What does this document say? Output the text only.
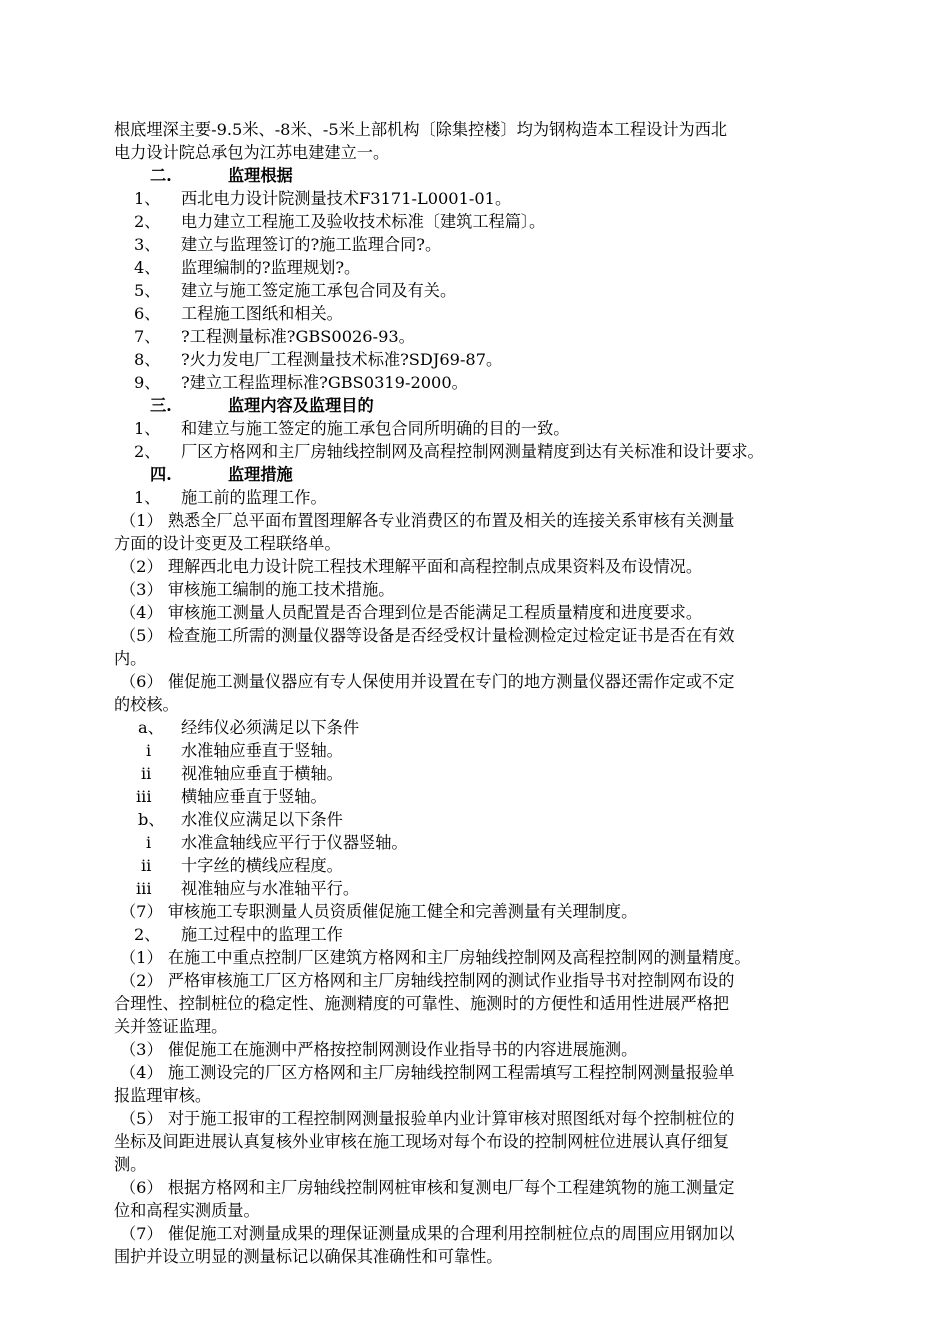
根底埋深主要-9.5米、-8米、-5米上部机构〔除集控楼〕均为钢构造本工程设计为西北
电力设计院总承包为江苏电建建立一。
二.	监理根据
1、 西北电力设计院测量技术F3171-L0001-01。
2、 电力建立工程施工及验收技术标准〔建筑工程篇〕。
3、 建立与监理签订的?施工监理合同?。
4、 监理编制的?监理规划?。
5、 建立与施工签定施工承包合同及有关。
6、 工程施工图纸和相关。
7、 ?工程测量标准?GBS0026-93。
8、 ?火力发电厂工程测量技术标准?SDJ69-87。
9、 ?建立工程监理标准?GBS0319-2000。
三.	监理内容及监理目的
1、 和建立与施工签定的施工承包合同所明确的目的一致。
2、 厂区方格网和主厂房轴线控制网及高程控制网测量精度到达有关标准和设计要求。
四.	监理措施
1、 施工前的监理工作。
（1） 熟悉全厂总平面布置图理解各专业消费区的布置及相关的连接关系审核有关测量
方面的设计变更及工程联络单。
（2） 理解西北电力设计院工程技术理解平面和高程控制点成果资料及布设情况。
（3） 审核施工编制的施工技术措施。
（4） 审核施工测量人员配置是否合理到位是否能满足工程质量精度和进度要求。
（5） 检查施工所需的测量仪器等设备是否经受权计量检测检定过检定证书是否在有效
内。
（6） 催促施工测量仪器应有专人保使用并设置在专门的地方测量仪器还需作定或不定
的校核。
a、 经纬仪必须满足以下条件
i 水准轴应垂直于竖轴。
ii 视准轴应垂直于横轴。
iii 横轴应垂直于竖轴。
b、 水准仪应满足以下条件
i 水准盒轴线应平行于仪器竖轴。
ii 十字丝的横线应程度。
iii 视准轴应与水准轴平行。
（7） 审核施工专职测量人员资质催促施工健全和完善测量有关理制度。
2、 施工过程中的监理工作
（1） 在施工中重点控制厂区建筑方格网和主厂房轴线控制网及高程控制网的测量精度。
（2） 严格审核施工厂区方格网和主厂房轴线控制网的测试作业指导书对控制网布设的
合理性、控制桩位的稳定性、施测精度的可靠性、施测时的方便性和适用性进展严格把
关并签证监理。
（3） 催促施工在施测中严格按控制网测设作业指导书的内容进展施测。
（4） 施工测设完的厂区方格网和主厂房轴线控制网工程需填写工程控制网测量报验单
报监理审核。
（5） 对于施工报审的工程控制网测量报验单内业计算审核对照图纸对每个控制桩位的
坐标及间距进展认真复核外业审核在施工现场对每个布设的控制网桩位进展认真仔细复
测。
（6） 根据方格网和主厂房轴线控制网桩审核和复测电厂每个工程建筑物的施工测量定
位和高程实测质量。
（7） 催促施工对测量成果的理保证测量成果的合理利用控制桩位点的周围应用钢加以
围护并设立明显的测量标记以确保其准确性和可靠性。
